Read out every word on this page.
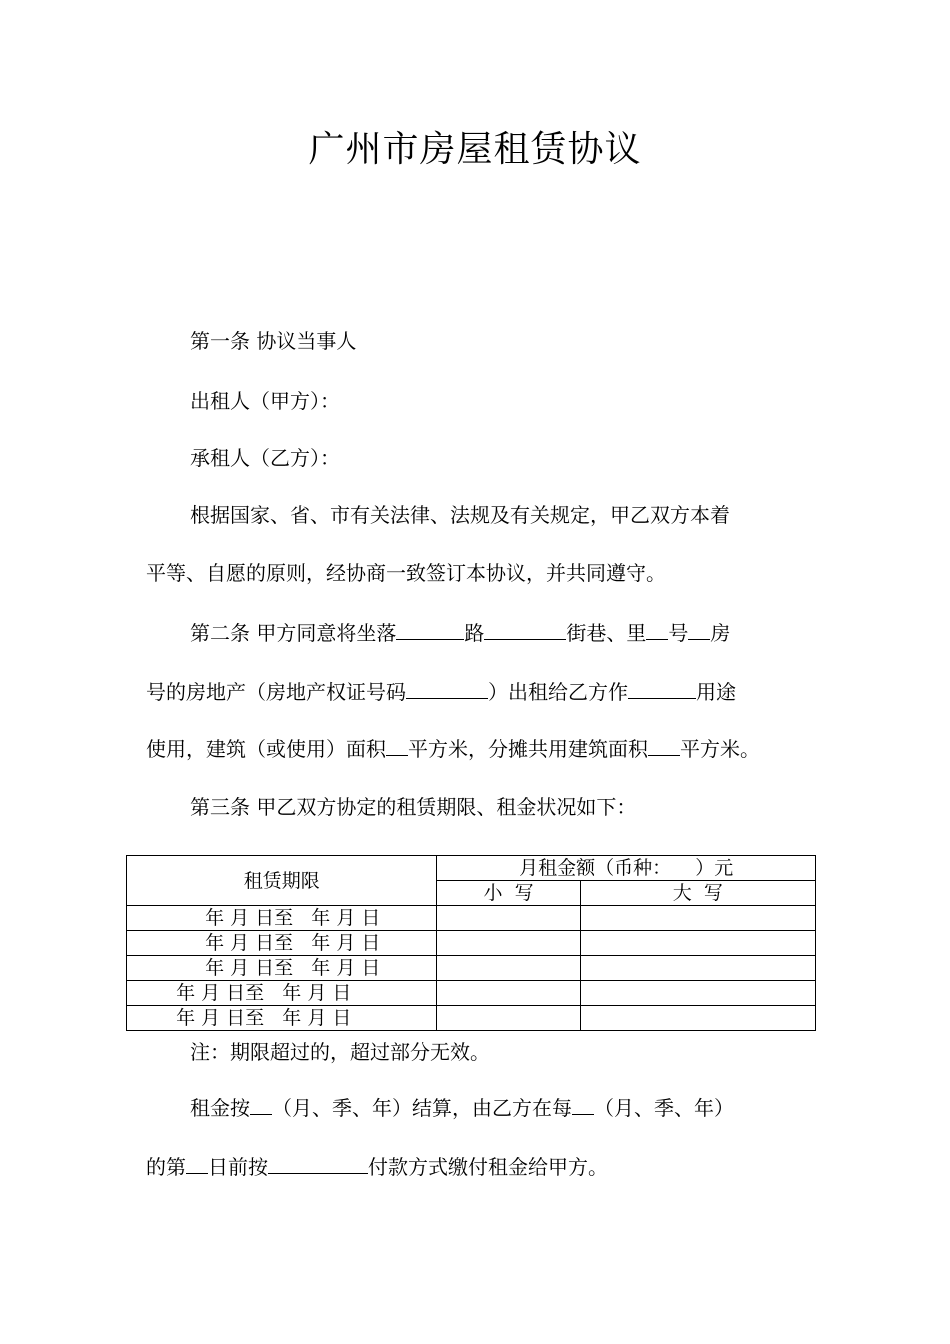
广州市房屋租赁协议
第一条 协议当事人
出租人（甲方）：
承租人（乙方）：
根据国家、省、市有关法律、法规及有关规定，甲乙双方本着
平等、自愿的原则，经协商一致签订本协议，并共同遵守。
第二条 甲方同意将坐落	路	街巷、里 号 房
号的房地产（房地产权证号码	）出租给乙方作	用途
使用，建筑（或使用）面积 平方米，分摊共用建筑面积 平方米。
第三条 甲乙双方协定的租赁期限、租金状况如下：
租赁期限	月租金额（币种：    ）元	
	小  写	大  写
年 月 日至   年 月 日		
年 月 日至   年 月 日		
年 月 日至   年 月 日		
年 月 日至   年 月 日		
年 月 日至   年 月 日		
注：期限超过的，超过部分无效。
租金按 （月、季、年）结算，由乙方在每 （月、季、年）
的第 日前按	付款方式缴付租金给甲方。
